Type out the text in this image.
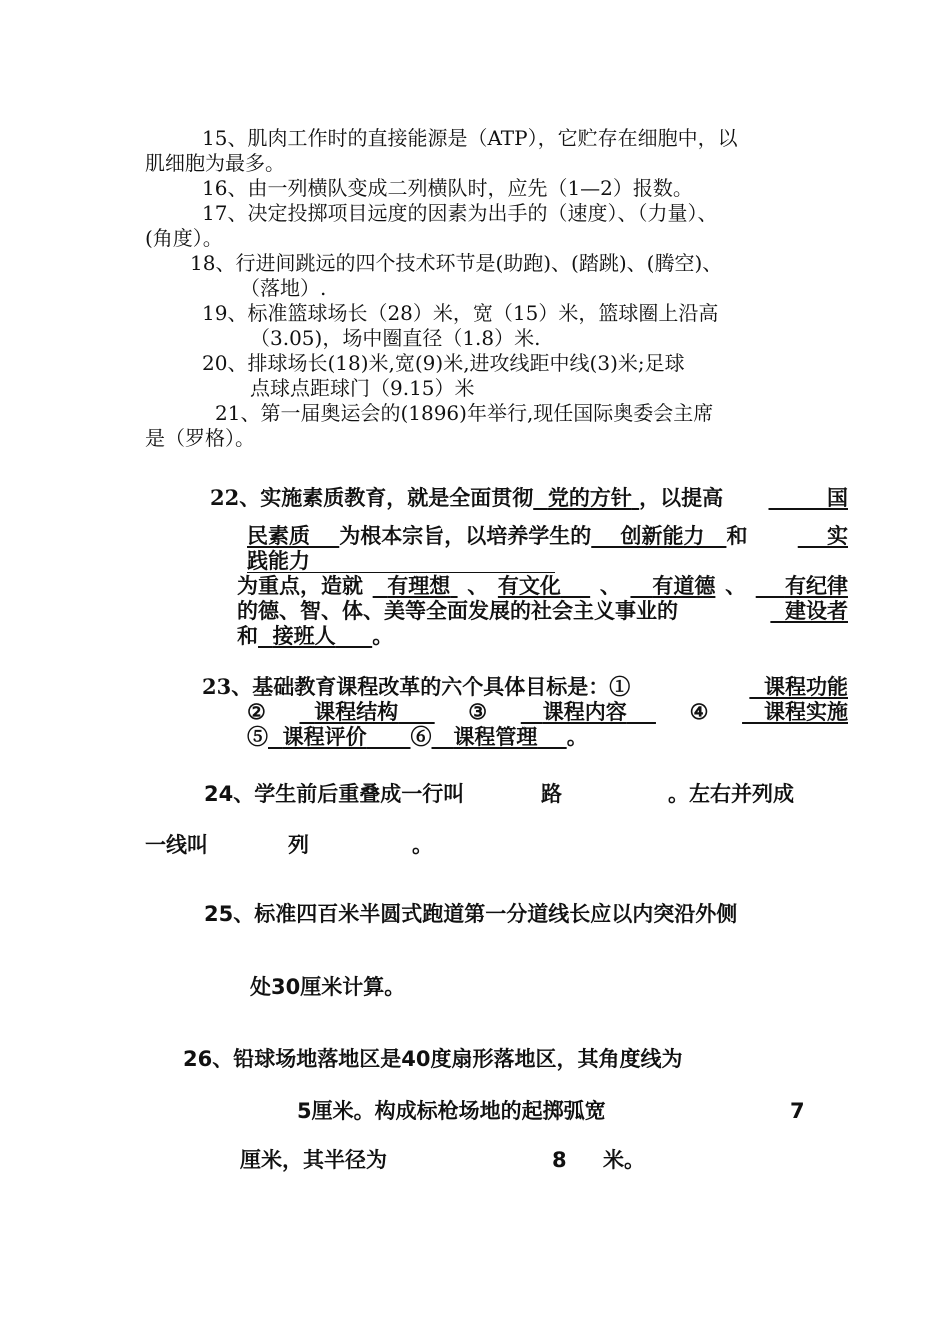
15、肌肉工作时的直接能源是（ATP），它贮存在细胞中，以
肌细胞为最多。
16、由一列横队变成二列横队时，应先（1—2）报数。
17、决定投掷项目远度的因素为出手的（速度）、（力量）、
(角度）。
18、行进间跳远的四个技术环节是(助跑)、(踏跳)、(腾空)、
（落地）.
19、标准篮球场长（28）米，宽（15）米，篮球圈上沿高
（3.05)，场中圈直径（1.8）米.
20、排球场长(18)米,宽(9)米,进攻线距中线(3)米;足球
点球点距球门（9.15）米
21、第一届奥运会的(1896)年举行,现任国际奥委会主席
是（罗格）。
22、实施素质教育，就是全面贯彻 党的方针 ，以提高	国
民素质 为根本宗旨，以培养学生的 创新能力 和	实
践能力
为重点，造就	有理想 、 有文化	、	有道德 、	有纪律
的德、智、体、美等全面发展的社会主义事业的	建设者
和 接班人 。
23、基础教育课程改革的六个具体目标是：①	课程功能
②	课程结构	③	课程内容	④	课程实施
⑤ 课程评价 ⑥ 课程管理 。
24、学生前后重叠成一行叫	路	。左右并列成
一线叫	列	。
25、标准四百米半圆式跑道第一分道线长应以内突沿外侧
处30厘米计算。
26、铅球场地落地区是40度扇形落地区，其角度线为
5厘米。构成标枪场地的起掷弧宽	7
厘米，其半径为	8 米。
